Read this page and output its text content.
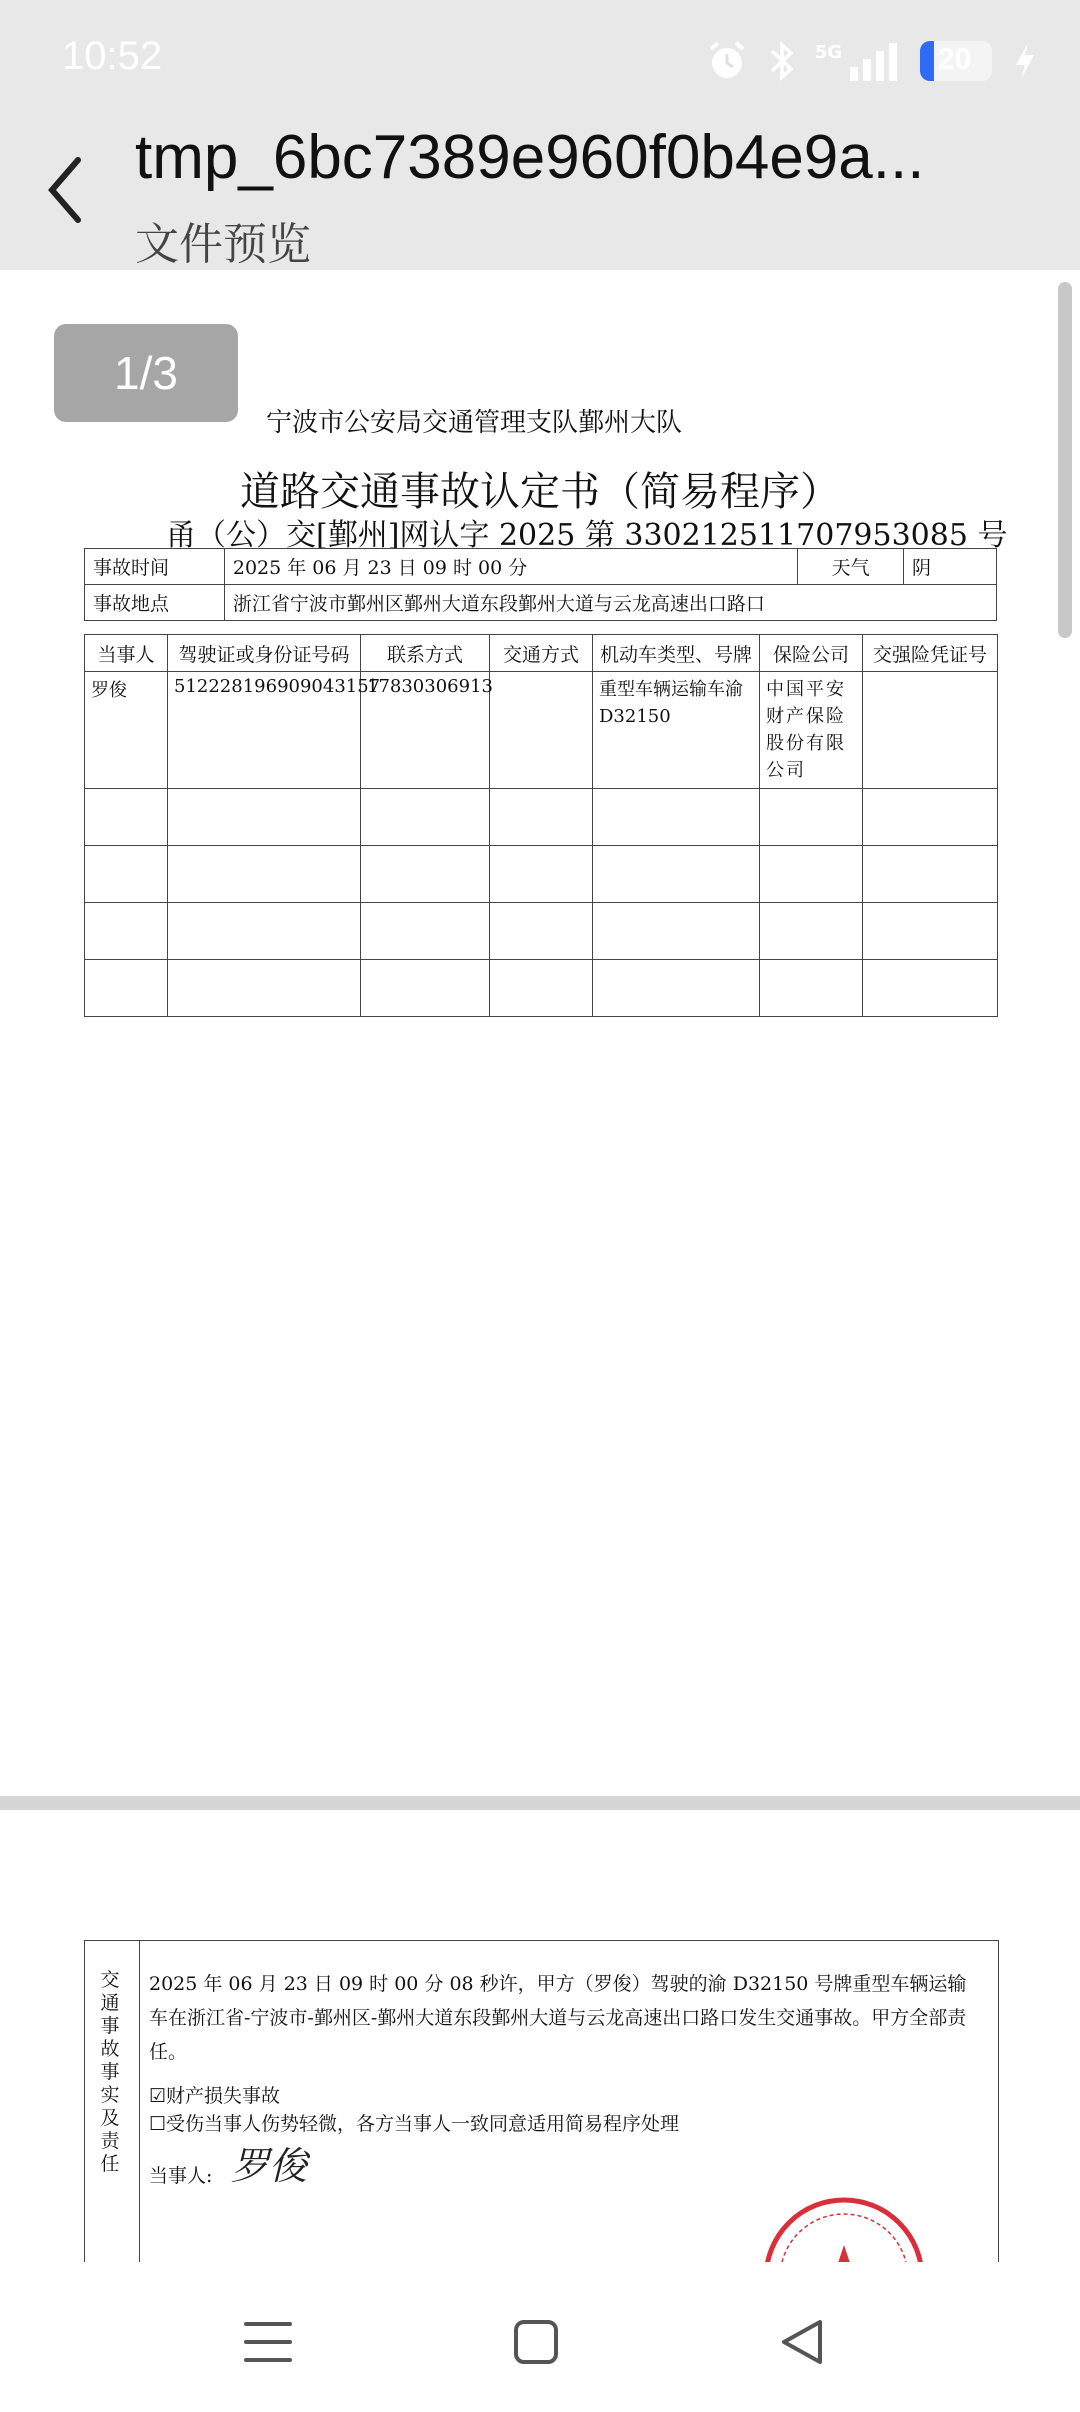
10:52	5G	20
tmp_6bc7389e960f0b4e9a...
文件预览
1/3
宁波市公安局交通管理支队鄞州大队
道路交通事故认定书（简易程序）
甬（公）交[鄞州]网认字 2025 第 330212511707953085 号
事故时间	2025 年 06 月 23 日 09 时 00 分	天气	阴
事故地点	浙江省宁波市鄞州区鄞州大道东段鄞州大道与云龙高速出口路口		
当事人	驾驶证或身份证号码	联系方式	交通方式	机动车类型、号牌	保险公司	交强险凭证号
罗俊	512228196909043157	17830306913		重型车辆运输车渝 D32150	中国平安财产保险股份有限公司	

交通事故事实及责任
2025 年 06 月 23 日 09 时 00 分 08 秒许，甲方（罗俊）驾驶的渝 D32150 号牌重型车辆运输车在浙江省-宁波市-鄞州区-鄞州大道东段鄞州大道与云龙高速出口路口发生交通事故。甲方全部责任。
☑财产损失事故
☐受伤当事人伤势轻微，各方当事人一致同意适用简易程序处理
当事人: 罗俊
